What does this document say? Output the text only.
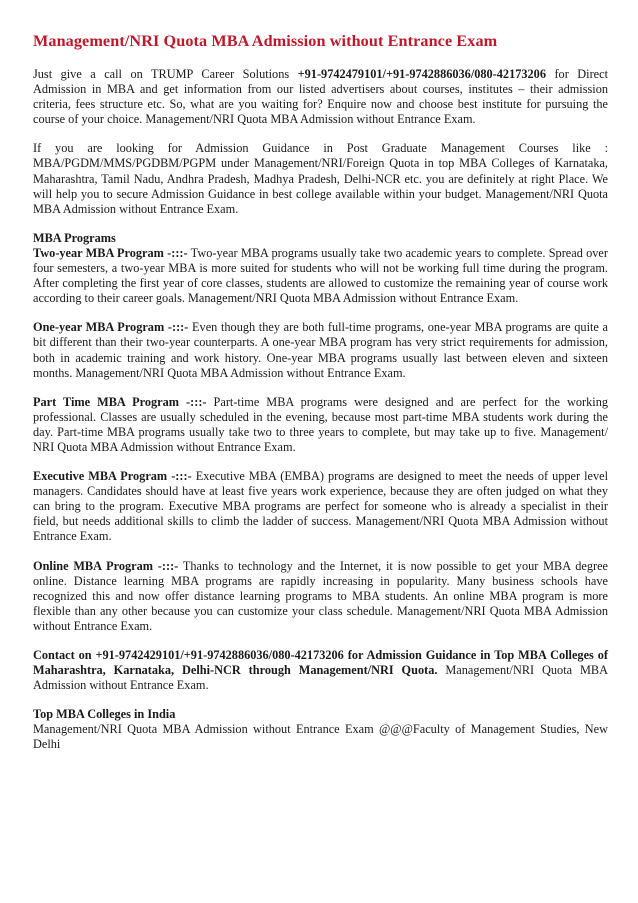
Management/NRI Quota MBA Admission without Entrance Exam

Just give a call on TRUMP Career Solutions +91-9742479101/+91-9742886036/080-42173206 for Direct Admission in MBA and get information from our listed advertisers about courses, institutes – their admission criteria, fees structure etc. So, what are you waiting for? Enquire now and choose best institute for pursuing the course of your choice. Management/NRI Quota MBA Admission without Entrance Exam.

If you are looking for Admission Guidance in Post Graduate Management Courses like : MBA/PGDM/MMS/PGDBM/PGPM under Management/NRI/Foreign Quota in top MBA Colleges of Karnataka, Maharashtra, Tamil Nadu, Andhra Pradesh, Madhya Pradesh, Delhi-NCR etc. you are definitely at right Place. We will help you to secure Admission Guidance in best college available within your budget. Management/NRI Quota MBA Admission without Entrance Exam.

MBA Programs
Two-year MBA Program -:::- Two-year MBA programs usually take two academic years to complete. Spread over four semesters, a two-year MBA is more suited for students who will not be working full time during the program. After completing the first year of core classes, students are allowed to customize the remaining year of course work according to their career goals. Management/NRI Quota MBA Admission without Entrance Exam.

One-year MBA Program -:::- Even though they are both full-time programs, one-year MBA programs are quite a bit different than their two-year counterparts. A one-year MBA program has very strict requirements for admission, both in academic training and work history. One-year MBA programs usually last between eleven and sixteen months. Management/NRI Quota MBA Admission without Entrance Exam.

Part Time MBA Program -:::- Part-time MBA programs were designed and are perfect for the working professional. Classes are usually scheduled in the evening, because most part-time MBA students work during the day. Part-time MBA programs usually take two to three years to complete, but may take up to five. Management/ NRI Quota MBA Admission without Entrance Exam.

Executive MBA Program -:::- Executive MBA (EMBA) programs are designed to meet the needs of upper level managers. Candidates should have at least five years work experience, because they are often judged on what they can bring to the program. Executive MBA programs are perfect for someone who is already a specialist in their field, but needs additional skills to climb the ladder of success. Management/NRI Quota MBA Admission without Entrance Exam.

Online MBA Program -:::- Thanks to technology and the Internet, it is now possible to get your MBA degree online. Distance learning MBA programs are rapidly increasing in popularity. Many business schools have recognized this and now offer distance learning programs to MBA students. An online MBA program is more flexible than any other because you can customize your class schedule. Management/NRI Quota MBA Admission without Entrance Exam.

Contact on +91-9742429101/+91-9742886036/080-42173206 for Admission Guidance in Top MBA Colleges of Maharashtra, Karnataka, Delhi-NCR through Management/NRI Quota. Management/NRI Quota MBA Admission without Entrance Exam.

Top MBA Colleges in India
Management/NRI Quota MBA Admission without Entrance Exam @@@Faculty of Management Studies, New Delhi
